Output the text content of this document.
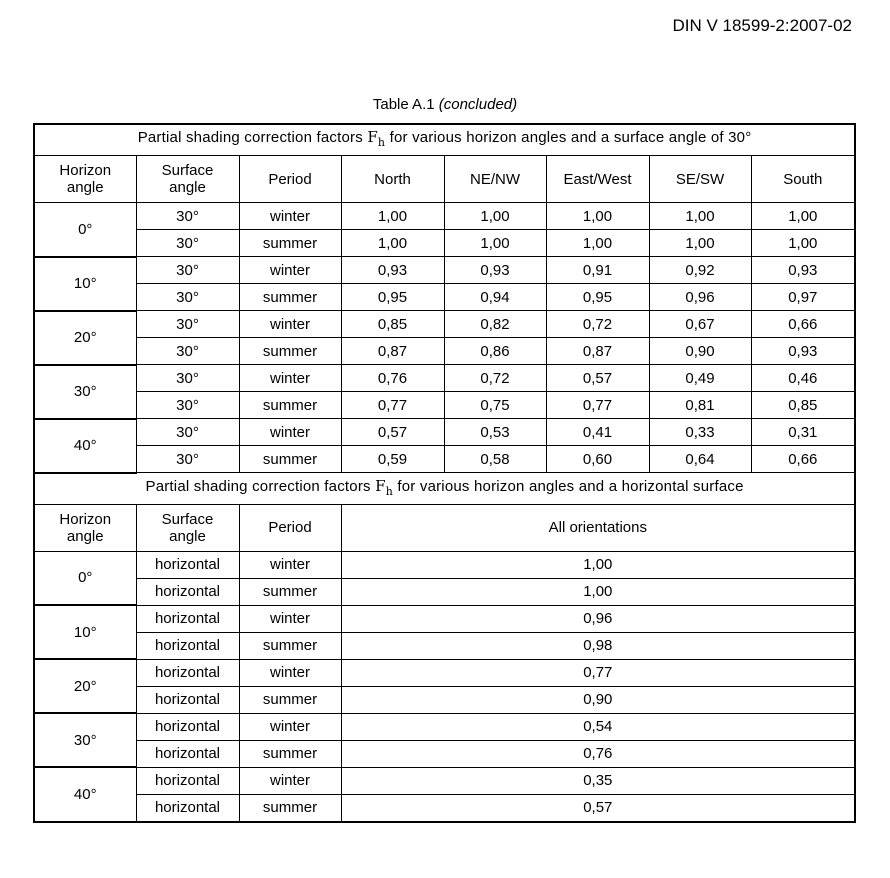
DIN V 18599-2:2007-02
Table A.1 (concluded)
Partial shading correction factors $F_h$ for various horizon angles and a surface angle of 30°							
Horizon angle	Surface angle	Period	North	NE/NW	East/West	SE/SW	South
0°	30°	winter	1,00	1,00	1,00	1,00	1,00
	30°	summer	1,00	1,00	1,00	1,00	1,00
10°	30°	winter	0,93	0,93	0,91	0,92	0,93
	30°	summer	0,95	0,94	0,95	0,96	0,97
20°	30°	winter	0,85	0,82	0,72	0,67	0,66
	30°	summer	0,87	0,86	0,87	0,90	0,93
30°	30°	winter	0,76	0,72	0,57	0,49	0,46
	30°	summer	0,77	0,75	0,77	0,81	0,85
40°	30°	winter	0,57	0,53	0,41	0,33	0,31
	30°	summer	0,59	0,58	0,60	0,64	0,66
Partial shading correction factors $F_h$ for various horizon angles and a horizontal surface							
Horizon angle	Surface angle	Period	All orientations				
0°	horizontal	winter	1,00				
	horizontal	summer	1,00				
10°	horizontal	winter	0,96				
	horizontal	summer	0,98				
20°	horizontal	winter	0,77				
	horizontal	summer	0,90				
30°	horizontal	winter	0,54				
	horizontal	summer	0,76				
40°	horizontal	winter	0,35				
	horizontal	summer	0,57				
